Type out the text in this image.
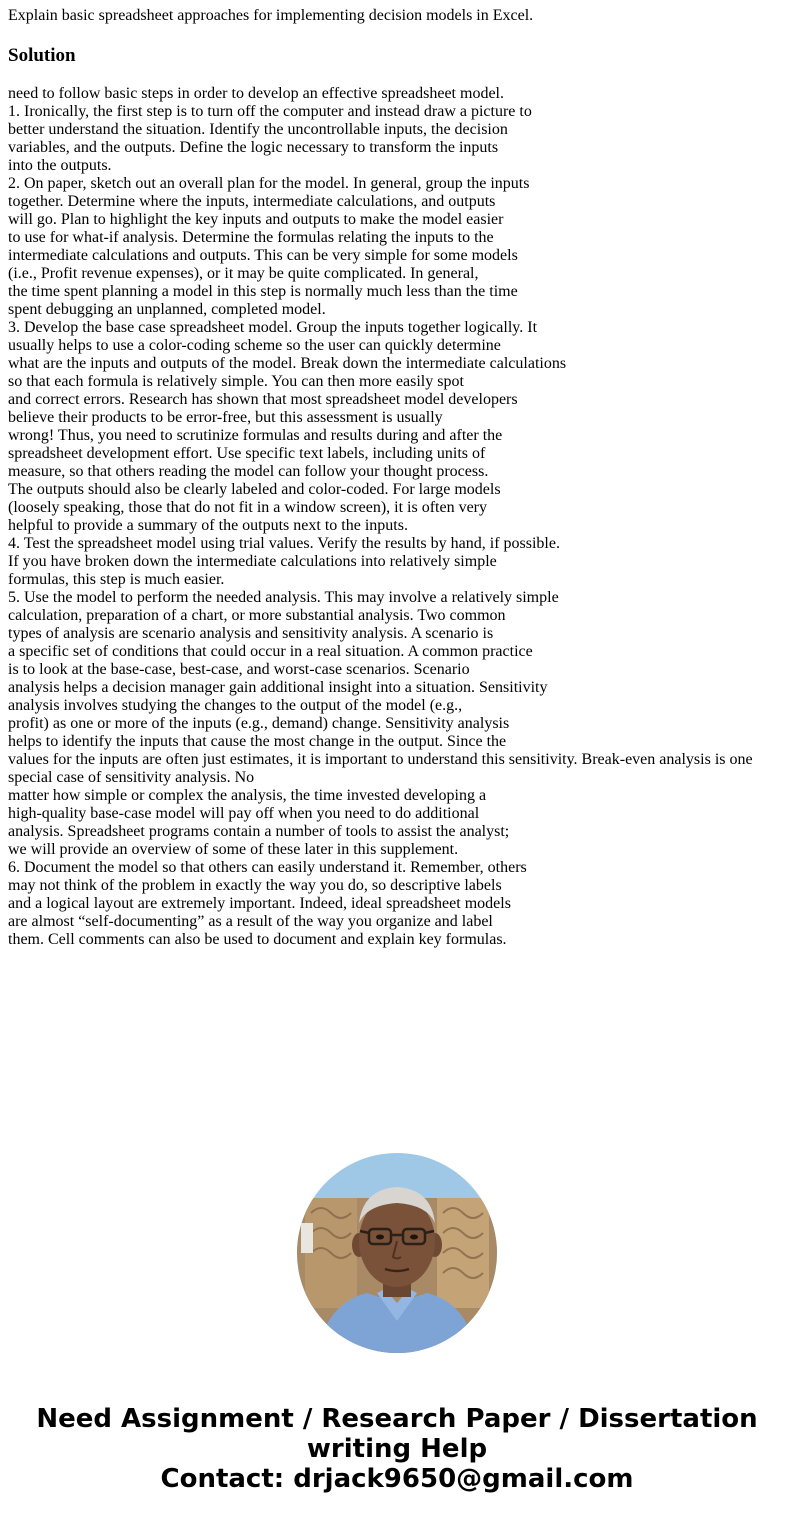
Explain basic spreadsheet approaches for implementing decision models in Excel.

Solution
need to follow basic steps in order to develop an effective spreadsheet model.
1. Ironically, the first step is to turn off the computer and instead draw a picture to
better understand the situation. Identify the uncontrollable inputs, the decision
variables, and the outputs. Define the logic necessary to transform the inputs
into the outputs.
2. On paper, sketch out an overall plan for the model. In general, group the inputs
together. Determine where the inputs, intermediate calculations, and outputs
will go. Plan to highlight the key inputs and outputs to make the model easier
to use for what-if analysis. Determine the formulas relating the inputs to the
intermediate calculations and outputs. This can be very simple for some models
(i.e., Profit revenue expenses), or it may be quite complicated. In general,
the time spent planning a model in this step is normally much less than the time
spent debugging an unplanned, completed model.
3. Develop the base case spreadsheet model. Group the inputs together logically. It
usually helps to use a color-coding scheme so the user can quickly determine
what are the inputs and outputs of the model. Break down the intermediate calculations
so that each formula is relatively simple. You can then more easily spot
and correct errors. Research has shown that most spreadsheet model developers
believe their products to be error-free, but this assessment is usually
wrong! Thus, you need to scrutinize formulas and results during and after the
spreadsheet development effort. Use specific text labels, including units of
measure, so that others reading the model can follow your thought process.
The outputs should also be clearly labeled and color-coded. For large models
(loosely speaking, those that do not fit in a window screen), it is often very
helpful to provide a summary of the outputs next to the inputs.
4. Test the spreadsheet model using trial values. Verify the results by hand, if possible.
If you have broken down the intermediate calculations into relatively simple
formulas, this step is much easier.
5. Use the model to perform the needed analysis. This may involve a relatively simple
calculation, preparation of a chart, or more substantial analysis. Two common
types of analysis are scenario analysis and sensitivity analysis. A scenario is
a specific set of conditions that could occur in a real situation. A common practice
is to look at the base-case, best-case, and worst-case scenarios. Scenario
analysis helps a decision manager gain additional insight into a situation. Sensitivity
analysis involves studying the changes to the output of the model (e.g.,
profit) as one or more of the inputs (e.g., demand) change. Sensitivity analysis
helps to identify the inputs that cause the most change in the output. Since the
values for the inputs are often just estimates, it is important to understand this sensitivity. Break-even analysis is one
special case of sensitivity analysis. No
matter how simple or complex the analysis, the time invested developing a
high-quality base-case model will pay off when you need to do additional
analysis. Spreadsheet programs contain a number of tools to assist the analyst;
we will provide an overview of some of these later in this supplement.
6. Document the model so that others can easily understand it. Remember, others
may not think of the problem in exactly the way you do, so descriptive labels
and a logical layout are extremely important. Indeed, ideal spreadsheet models
are almost “self-documenting” as a result of the way you organize and label
them. Cell comments can also be used to document and explain key formulas.
Need Assignment / Research Paper / Dissertation
writing Help
Contact: drjack9650@gmail.com
